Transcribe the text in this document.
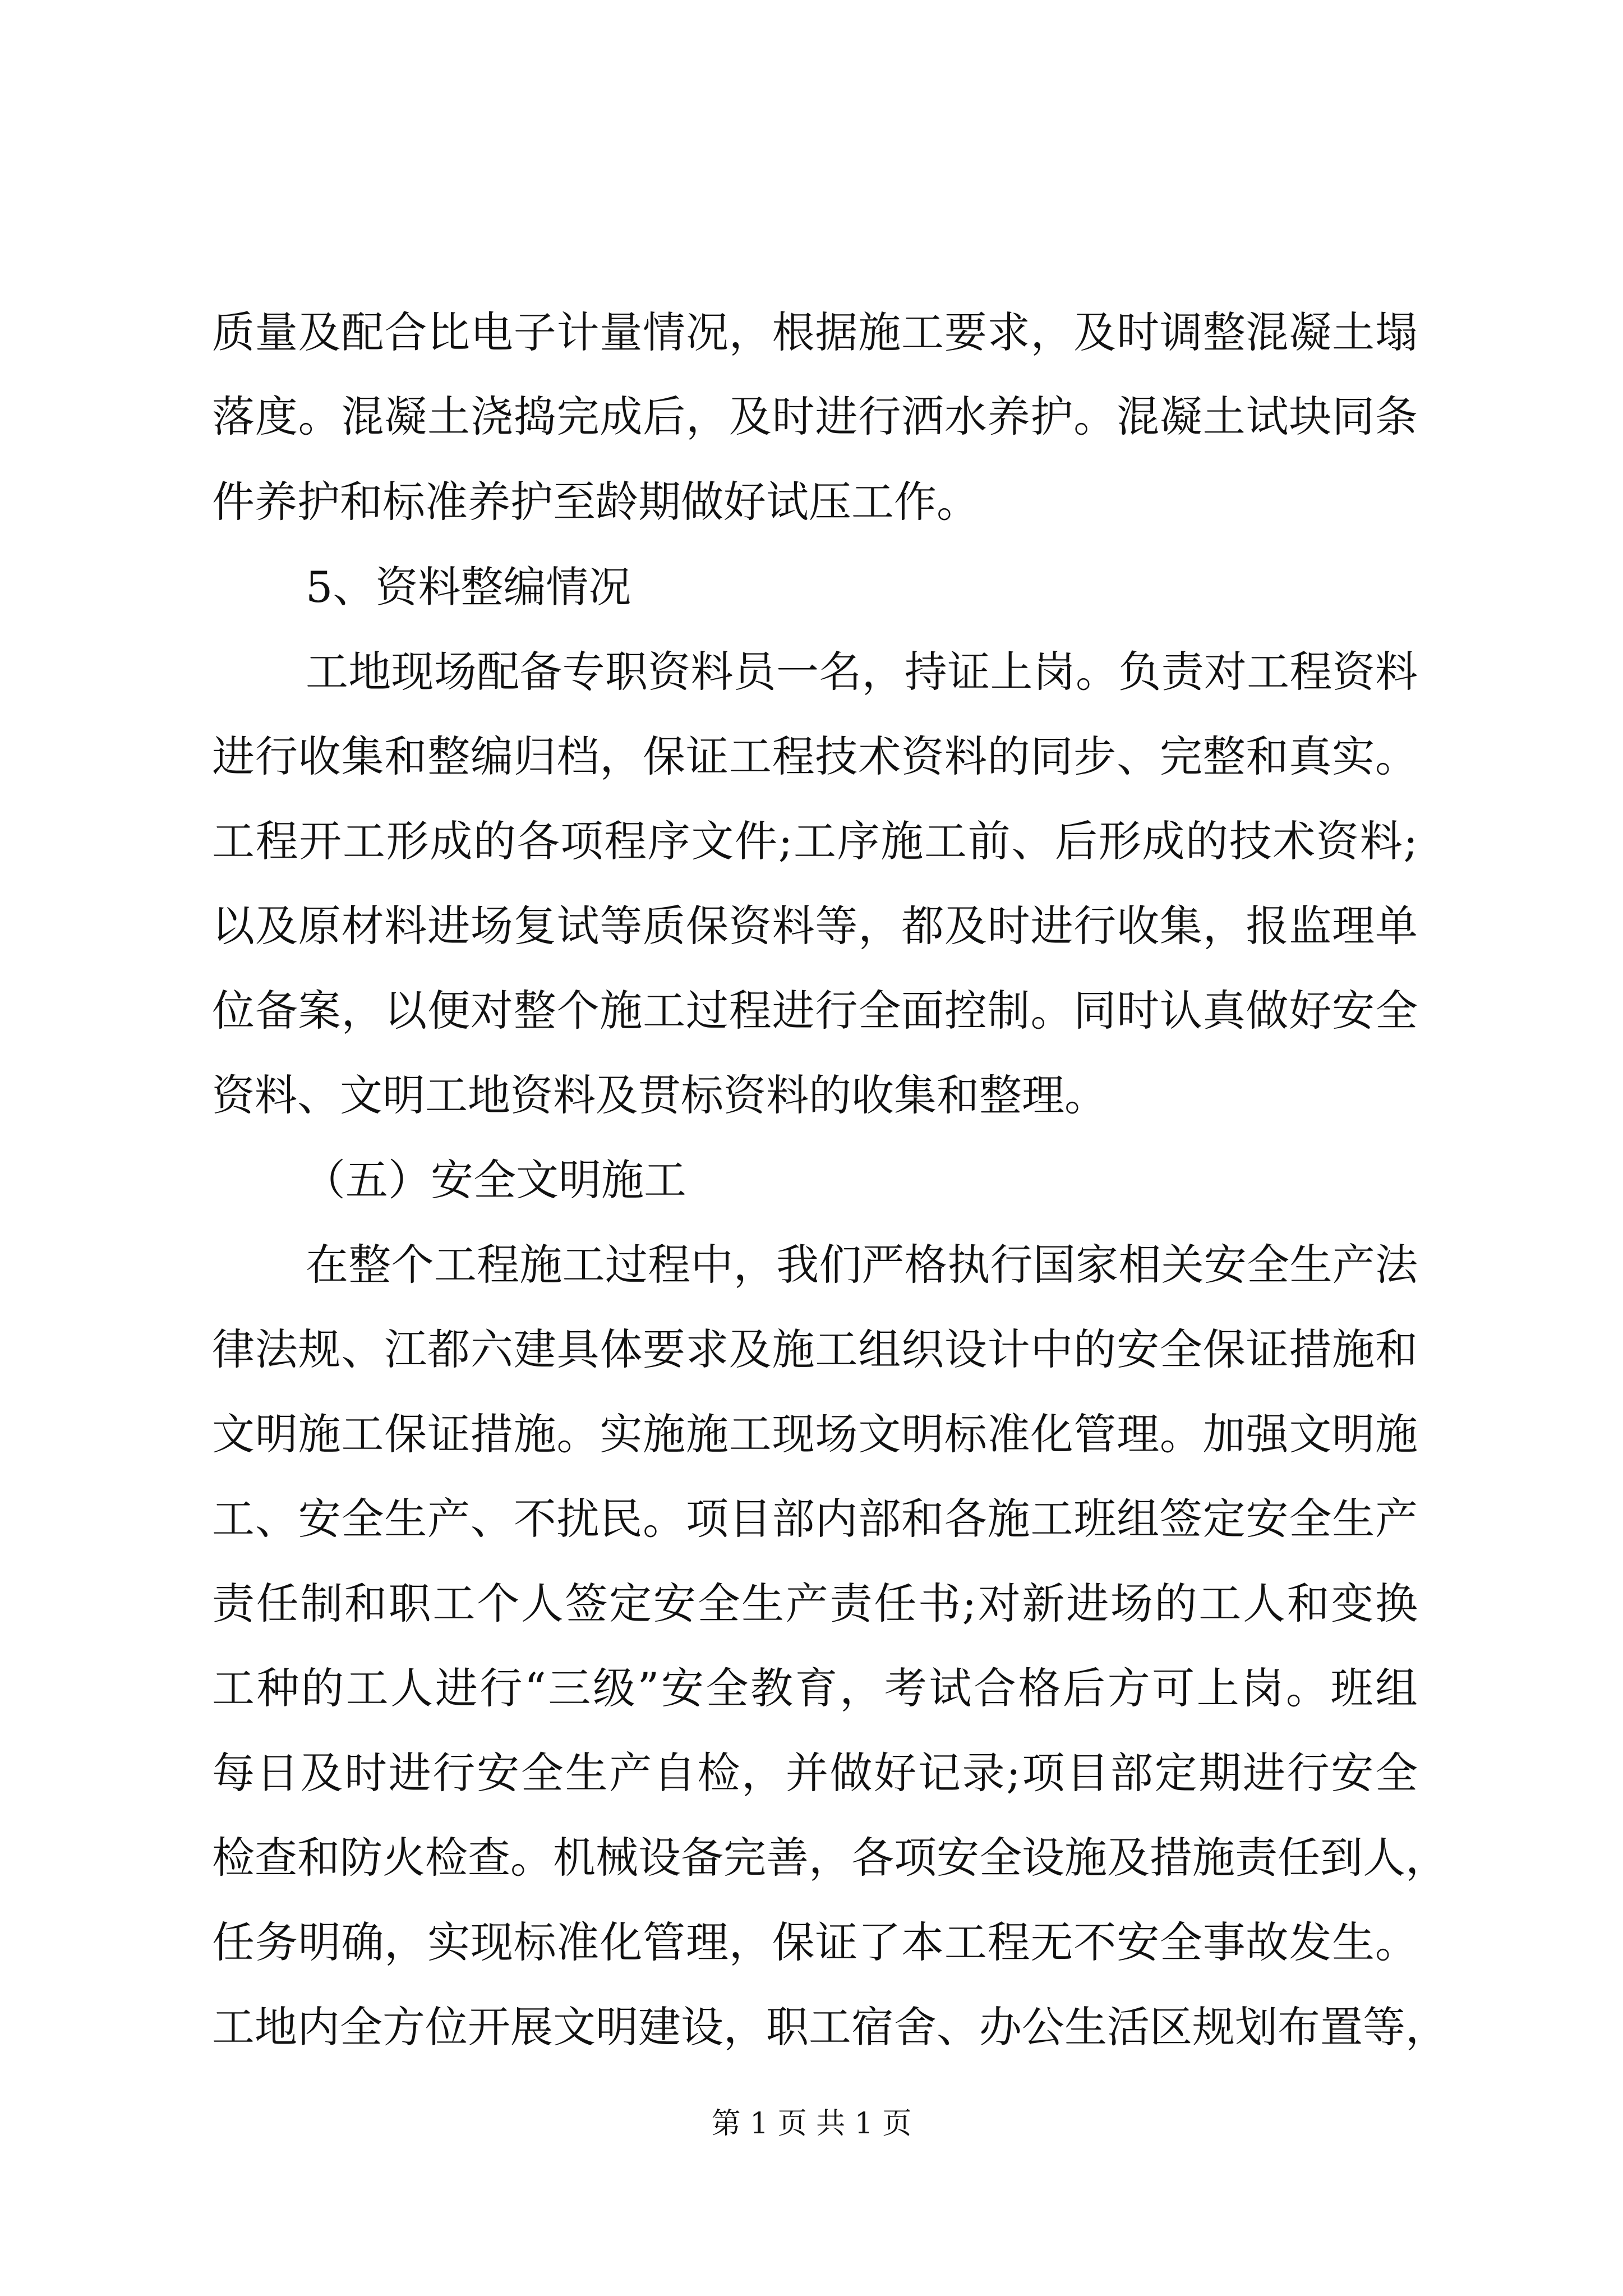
质量及配合比电子计量情况，根据施工要求，及时调整混凝土塌
落度。混凝土浇捣完成后，及时进行洒水养护。混凝土试块同条
件养护和标准养护至龄期做好试压工作。
5、资料整编情况
工地现场配备专职资料员一名，持证上岗。负责对工程资料
进行收集和整编归档，保证工程技术资料的同步、完整和真实。
工程开工形成的各项程序文件;工序施工前、后形成的技术资料;
以及原材料进场复试等质保资料等，都及时进行收集，报监理单
位备案，以便对整个施工过程进行全面控制。同时认真做好安全
资料、文明工地资料及贯标资料的收集和整理。
（五）安全文明施工
在整个工程施工过程中，我们严格执行国家相关安全生产法
律法规、江都六建具体要求及施工组织设计中的安全保证措施和
文明施工保证措施。实施施工现场文明标准化管理。加强文明施
工、安全生产、不扰民。项目部内部和各施工班组签定安全生产
责任制和职工个人签定安全生产责任书;对新进场的工人和变换
工种的工人进行“三级”安全教育，考试合格后方可上岗。班组
每日及时进行安全生产自检，并做好记录;项目部定期进行安全
检查和防火检查。机械设备完善，各项安全设施及措施责任到人，
任务明确，实现标准化管理，保证了本工程无不安全事故发生。
工地内全方位开展文明建设，职工宿舍、办公生活区规划布置等，
第 1 页 共 1 页
